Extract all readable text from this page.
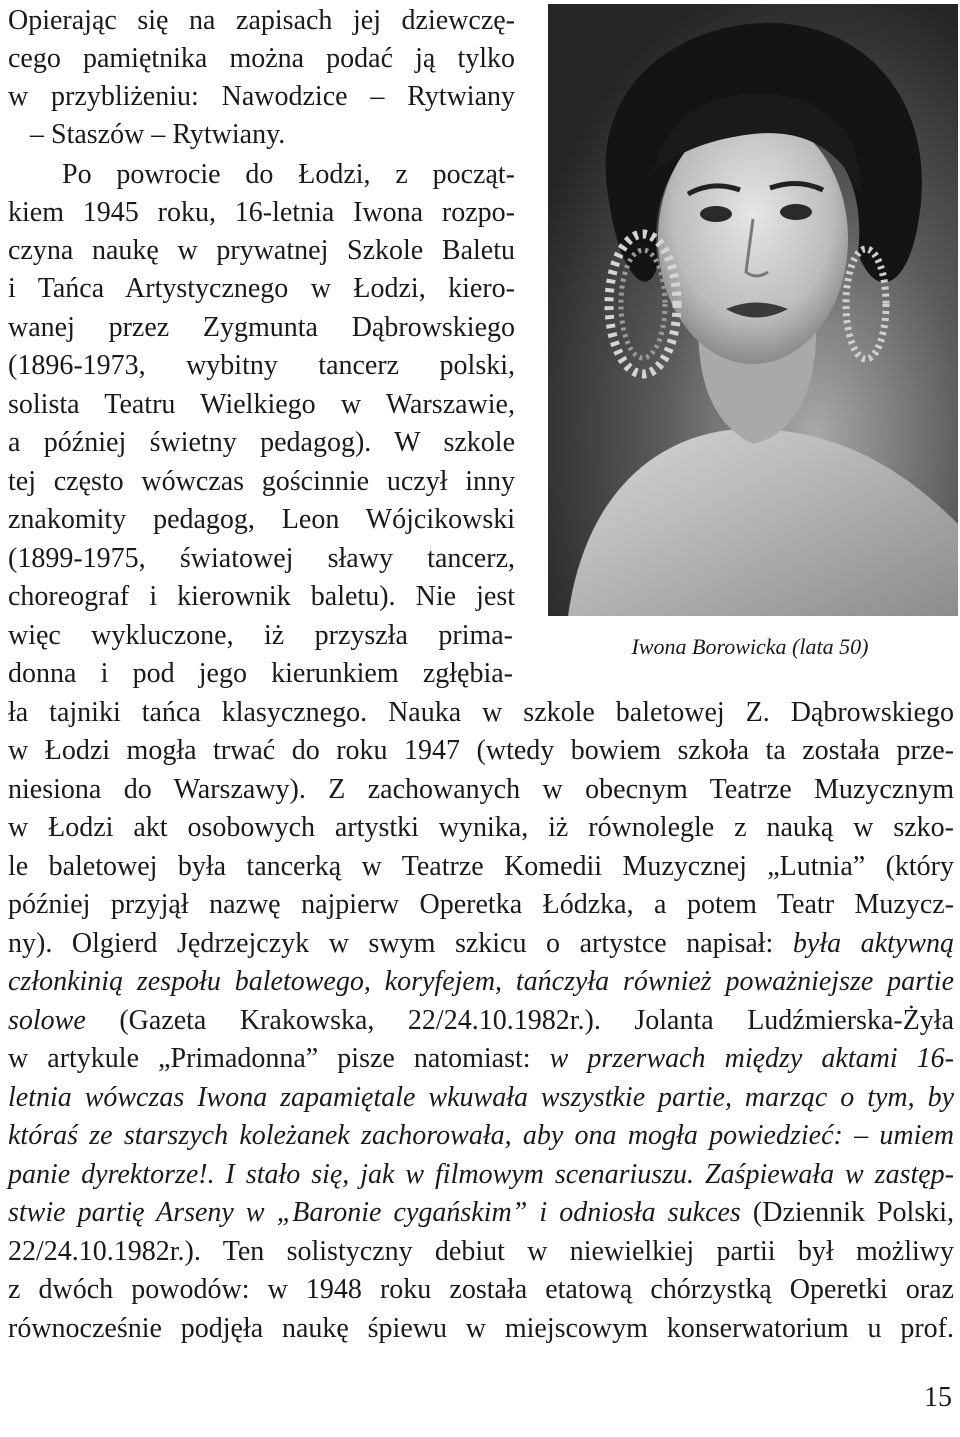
Opierając się na zapisach jej dziewczę-

cego pamiętnika można podać ją tylko

w przybliżeniu: Nawodzice – Rytwiany

– Staszów – Rytwiany.

Po powrocie do Łodzi, z począt-

kiem 1945 roku, 16-letnia Iwona rozpo-

czyna naukę w prywatnej Szkole Baletu

i Tańca Artystycznego w Łodzi, kiero-

wanej przez Zygmunta Dąbrowskiego

(1896-1973, wybitny tancerz polski,

solista Teatru Wielkiego w Warszawie,

a później świetny pedagog). W szkole

tej często wówczas gościnnie uczył inny

znakomity pedagog, Leon Wójcikowski

(1899-1975, światowej sławy tancerz,

choreograf i kierownik baletu). Nie jest

więc wykluczone, iż przyszła prima-

donna i pod jego kierunkiem zgłębia-

ła tajniki tańca klasycznego. Nauka w szkole baletowej Z. Dąbrowskiego

w Łodzi mogła trwać do roku 1947 (wtedy bowiem szkoła ta została prze-

niesiona do Warszawy). Z zachowanych w obecnym Teatrze Muzycznym

w Łodzi akt osobowych artystki wynika, iż równolegle z nauką w szko-

le baletowej była tancerką w Teatrze Komedii Muzycznej „Lutnia” (który

później przyjął nazwę najpierw Operetka Łódzka, a potem Teatr Muzycz-

ny). Olgierd Jędrzejczyk w swym szkicu o artystce napisał: była aktywną

członkinią zespołu baletowego, koryfejem, tańczyła również poważniejsze partie

solowe (Gazeta Krakowska, 22/24.10.1982r.). Jolanta Ludźmierska-Żyła

w artykule „Primadonna” pisze natomiast: w przerwach między aktami 16-

letnia wówczas Iwona zapamiętale wkuwała wszystkie partie, marząc o tym, by

któraś ze starszych koleżanek zachorowała, aby ona mogła powiedzieć: – umiem

panie dyrektorze!. I stało się, jak w filmowym scenariuszu. Zaśpiewała w zastęp-

stwie partię Arseny w „Baronie cygańskim” i odniosła sukces (Dziennik Polski,

22/24.10.1982r.). Ten solistyczny debiut w niewielkiej partii był możliwy

z dwóch powodów: w 1948 roku została etatową chórzystką Operetki oraz

równocześnie podjęła naukę śpiewu w miejscowym konserwatorium u prof.

Iwona Borowicka (lata 50)
15
